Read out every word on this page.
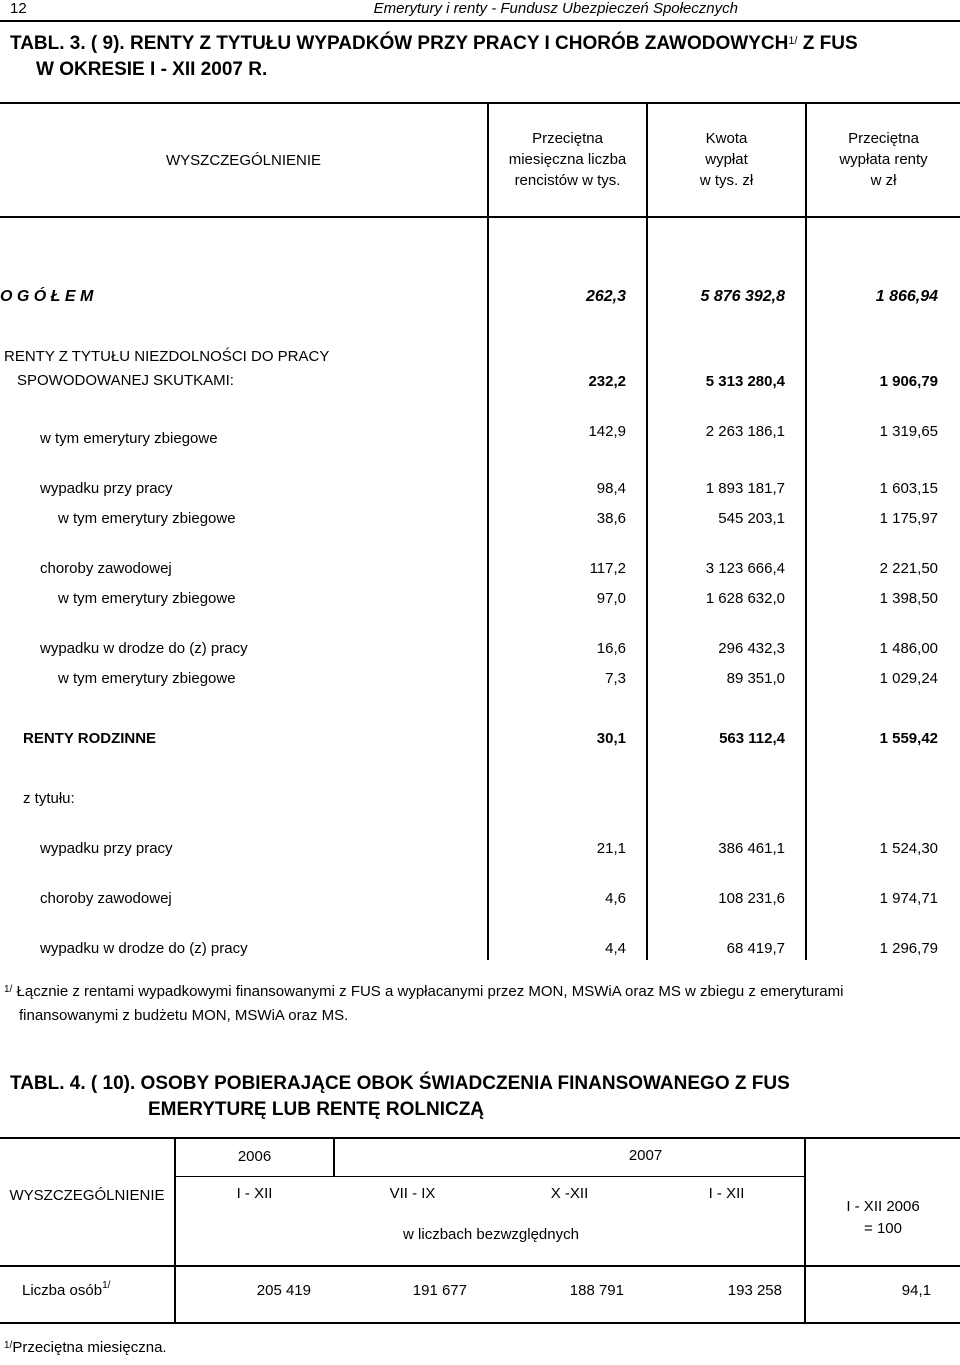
12	Emerytury i renty - Fundusz Ubezpieczeń Społecznych
TABL. 3. ( 9). RENTY Z TYTUŁU WYPADKÓW PRZY PRACY I CHORÓB $ZAWODOWYCH^{1/}$ Z FUS
W OKRESIE I - XII 2007 R.
WYSZCZEGÓLNIENIE
Przeciętna
miesięczna liczba
rencistów w tys.
Kwota
wypłat
w tys. zł
Przeciętna
wypłata renty
w zł
O G Ó Ł E M	262,3	5 876 392,8	1 866,94
RENTY Z TYTUŁU NIEZDOLNOŚCI DO PRACY
SPOWODOWANEJ SKUTKAMI:	232,2	5 313 280,4	1 906,79
w tym emerytury zbiegowe	142,9	2 263 186,1	1 319,65
wypadku przy pracy	98,4	1 893 181,7	1 603,15
w tym emerytury zbiegowe	38,6	545 203,1	1 175,97
choroby zawodowej	117,2	3 123 666,4	2 221,50
w tym emerytury zbiegowe	97,0	1 628 632,0	1 398,50
wypadku w drodze do (z) pracy	16,6	296 432,3	1 486,00
w tym emerytury zbiegowe	7,3	89 351,0	1 029,24
RENTY RODZINNE	30,1	563 112,4	1 559,42
z tytułu:
wypadku przy pracy	21,1	386 461,1	1 524,30
choroby zawodowej	4,6	108 231,6	1 974,71
wypadku w drodze do (z) pracy	4,4	68 419,7	1 296,79
$^{1/}$ Łącznie z rentami wypadkowymi finansowanymi z FUS a wypłacanymi przez MON, MSWiA oraz MS w zbiegu z emeryturami
finansowanymi z budżetu MON, MSWiA oraz MS.
TABL. 4. ( 10). OSOBY POBIERAJĄCE OBOK ŚWIADCZENIA FINANSOWANEGO Z FUS
EMERYTURĘ LUB RENTĘ ROLNICZĄ
WYSZCZEGÓLNIENIE
2006	2007
I - XII	VII - IX	X -XII	I - XII
w liczbach bezwzględnych
I - XII 2006
= 100
Liczba osób$^{1/}$	205 419	191 677	188 791	193 258	94,1
$^{1/}$Przeciętna miesięczna.
